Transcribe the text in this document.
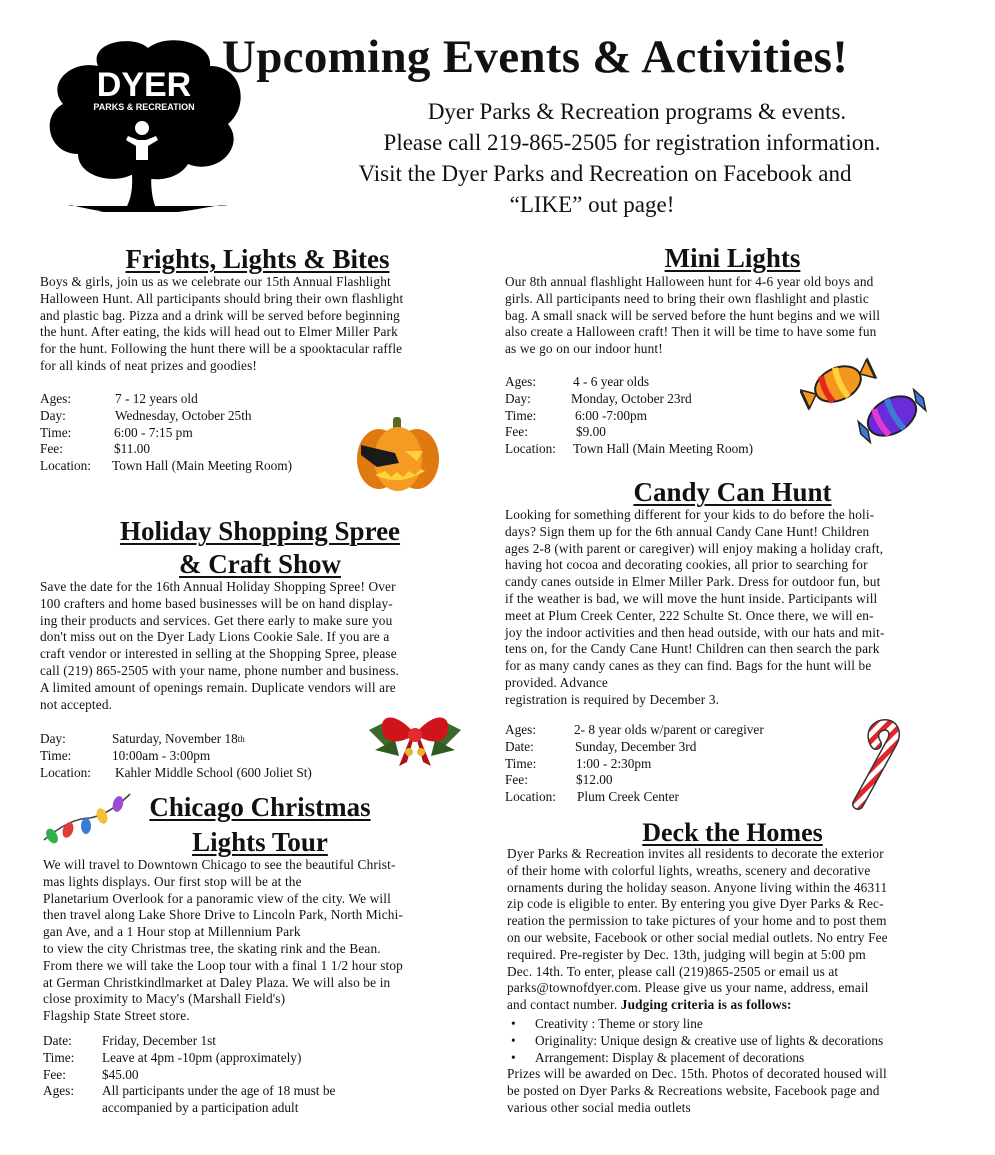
DYER
PARKS & RECREATION
Upcoming Events & Activities!
Dyer Parks & Recreation programs & events.
Please call 219-865-2505 for registration information.
Visit the Dyer Parks and Recreation on Facebook and
“LIKE” out page!
Frights, Lights & Bites
Boys & girls, join us as we celebrate our 15th Annual Flashlight
Halloween Hunt. All participants should bring their own flashlight
and plastic bag. Pizza and a drink will be served before beginning
the hunt. After eating, the kids will head out to Elmer Miller Park
for the hunt. Following the hunt there will be a spooktacular raffle
for all kinds of neat prizes and goodies!
Ages:	7 - 12 years old
Day:	Wednesday, October 25th
Time:	6:00 - 7:15 pm
Fee:	$11.00
Location:	Town Hall (Main Meeting Room)
Holiday Shopping Spree
& Craft Show
Save the date for the 16th Annual Holiday Shopping Spree! Over
100 crafters and home based businesses will be on hand display-
ing their products and services. Get there early to make sure you
don't miss out on the Dyer Lady Lions Cookie Sale. If you are a
craft vendor or interested in selling at the Shopping Spree, please
call (219) 865-2505 with your name, phone number and business.
A limited amount of openings remain. Duplicate vendors will are
not accepted.
Day:	Saturday, November 18 th
Time:	10:00am - 3:00pm
Location:	Kahler Middle School (600 Joliet St)
Chicago Christmas
Lights Tour
We will travel to Downtown Chicago to see the beautiful Christ-
mas lights displays. Our first stop will be at the
Planetarium Overlook for a panoramic view of the city. We will
then travel along Lake Shore Drive to Lincoln Park, North Michi-
gan Ave, and a 1 Hour stop at Millennium Park
to view the city Christmas tree, the skating rink and the Bean.
From there we will take the Loop tour with a final 1 1/2 hour stop
at German Christkindlmarket at Daley Plaza. We will also be in
close proximity to Macy's (Marshall Field's)
Flagship State Street store.
Date:	Friday, December 1st
Time:	Leave at 4pm -10pm (approximately)
Fee:	$45.00
Ages:	All participants under the age of 18 must be
accompanied by a participation adult
Mini Lights
Our 8th annual flashlight Halloween hunt for 4-6 year old boys and
girls. All participants need to bring their own flashlight and plastic
bag. A small snack will be served before the hunt begins and we will
also create a Halloween craft! Then it will be time to have some fun
as we go on our indoor hunt!
Ages:	4 - 6 year olds
Day:	Monday, October 23rd
Time:	6:00 -7:00pm
Fee:	$9.00
Location:	Town Hall (Main Meeting Room)
Candy Can Hunt
Looking for something different for your kids to do before the holi-
days? Sign them up for the 6th annual Candy Cane Hunt! Children
ages 2-8 (with parent or caregiver) will enjoy making a holiday craft,
having hot cocoa and decorating cookies, all prior to searching for
candy canes outside in Elmer Miller Park. Dress for outdoor fun, but
if the weather is bad, we will move the hunt inside. Participants will
meet at Plum Creek Center, 222 Schulte St. Once there, we will en-
joy the indoor activities and then head outside, with our hats and mit-
tens on, for the Candy Cane Hunt! Children can then search the park
for as many candy canes as they can find. Bags for the hunt will be
provided. Advance
registration is required by December 3.
Ages:	2- 8 year olds w/parent or caregiver
Date:	Sunday, December 3rd
Time:	1:00 - 2:30pm
Fee:	$12.00
Location:	Plum Creek Center
Deck the Homes
Dyer Parks & Recreation invites all residents to decorate the exterior
of their home with colorful lights, wreaths, scenery and decorative
ornaments during the holiday season. Anyone living within the 46311
zip code is eligible to enter. By entering you give Dyer Parks & Rec-
reation the permission to take pictures of your home and to post them
on our website, Facebook or other social medial outlets. No entry Fee
required. Pre-register by Dec. 13th, judging will begin at 5:00 pm
Dec. 14th. To enter, please call (219)865-2505 or email us at
parks@townofdyer.com. Please give us your name, address, email
and contact number. Judging criteria is as follows:
•	Creativity : Theme or story line
•	Originality: Unique design & creative use of lights & decorations
•	Arrangement: Display & placement of decorations
Prizes will be awarded on Dec. 15th. Photos of decorated housed will
be posted on Dyer Parks & Recreations website, Facebook page and
various other social media outlets
